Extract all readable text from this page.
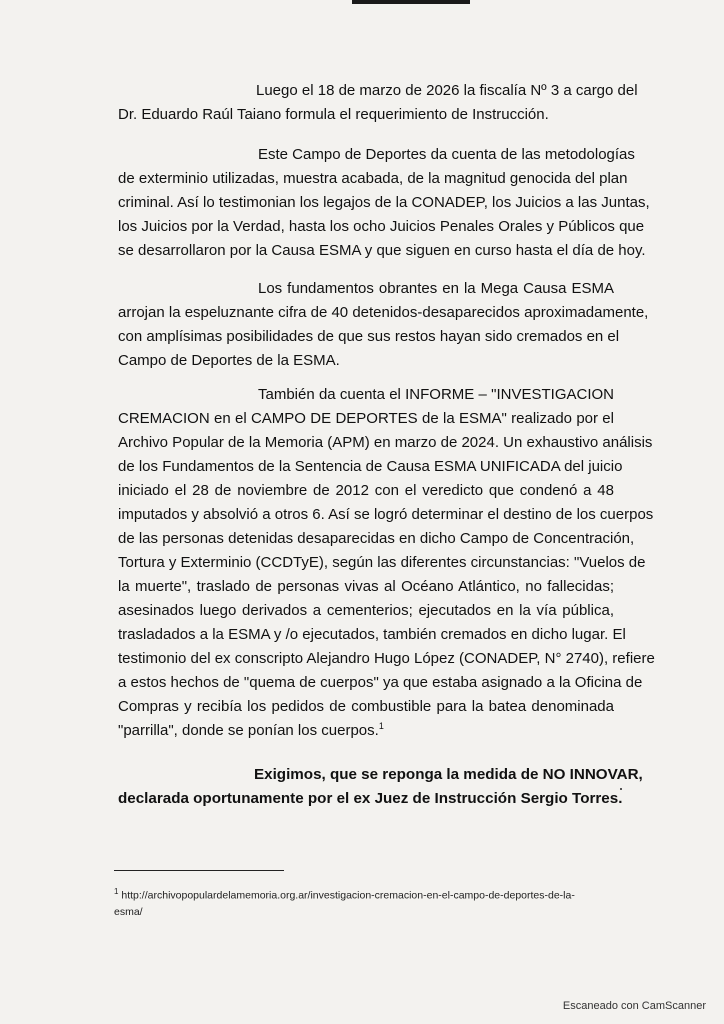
Luego el 18 de marzo de 2026 la fiscalía Nº 3 a cargo del
Dr. Eduardo Raúl Taiano formula el requerimiento de Instrucción.
Este Campo de Deportes da cuenta de las metodologías
de exterminio utilizadas, muestra acabada, de la magnitud genocida del plan
criminal. Así lo testimonian los legajos de la CONADEP, los Juicios a las Juntas,
los Juicios por la Verdad, hasta los ocho Juicios Penales Orales y Públicos que
se desarrollaron por la Causa ESMA y que siguen en curso hasta el día de hoy.
Los fundamentos obrantes en la Mega Causa ESMA
arrojan la espeluznante cifra de 40 detenidos-desaparecidos aproximadamente,
con amplísimas posibilidades de que sus restos hayan sido cremados en el
Campo de Deportes de la ESMA.
También da cuenta el INFORME – "INVESTIGACION
CREMACION en el CAMPO DE DEPORTES de la ESMA" realizado por el
Archivo Popular de la Memoria (APM) en marzo de 2024. Un exhaustivo análisis
de los Fundamentos de la Sentencia de Causa ESMA UNIFICADA del juicio
iniciado el 28 de noviembre de 2012 con el veredicto que condenó a 48
imputados y absolvió a otros 6. Así se logró determinar el destino de los cuerpos
de las personas detenidas desaparecidas en dicho Campo de Concentración,
Tortura y Exterminio (CCDTyE), según las diferentes circunstancias: "Vuelos de
la muerte", traslado de personas vivas al Océano Atlántico, no fallecidas;
asesinados luego derivados a cementerios; ejecutados en la vía pública,
trasladados a la ESMA y /o ejecutados, también cremados en dicho lugar. El
testimonio del ex conscripto Alejandro Hugo López (CONADEP, N° 2740), refiere
a estos hechos de "quema de cuerpos" ya que estaba asignado a la Oficina de
Compras y recibía los pedidos de combustible para la batea denominada
"parrilla", donde se ponían los cuerpos.$^1$
Exigimos, que se reponga la medida de NO INNOVAR,
declarada oportunamente por el ex Juez de Instrucción Sergio Torres.
$^1$ http://archivopopulardelamemoria.org.ar/investigacion-cremacion-en-el-campo-de-deportes-de-la-
esma/
Escaneado con CamScanner
